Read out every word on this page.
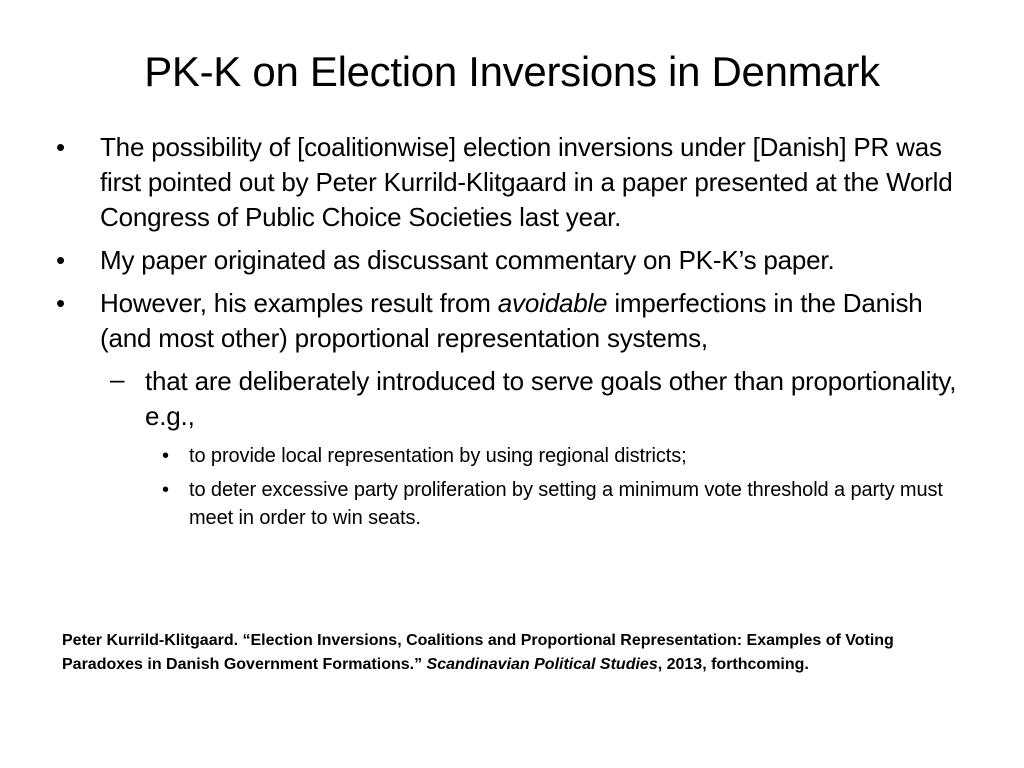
PK-K on Election Inversions in Denmark
• The possibility of [coalitionwise] election inversions under [Danish] PR was first pointed out by Peter Kurrild-Klitgaard in a paper presented at the World Congress of Public Choice Societies last year.
• My paper originated as discussant commentary on PK-K’s paper.
• However, his examples result from avoidable imperfections in the Danish (and most other) proportional representation systems,
– that are deliberately introduced to serve goals other than proportionality, e.g.,
• to provide local representation by using regional districts;
• to deter excessive party proliferation by setting a minimum vote threshold a party must meet in order to win seats.
Peter Kurrild-Klitgaard. “Election Inversions, Coalitions and Proportional Representation: Examples of Voting Paradoxes in Danish Government Formations.” Scandinavian Political Studies, 2013, forthcoming.
